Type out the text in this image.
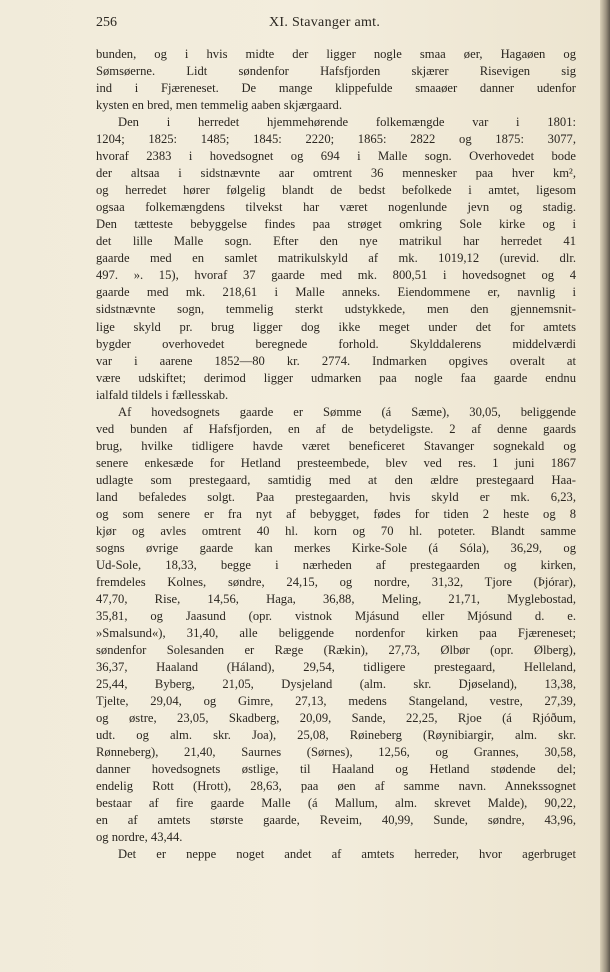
256	XI. Stavanger amt.
bunden, og i hvis midte der ligger nogle smaa øer, Hagaøen og
Sømsøerne. Lidt søndenfor Hafsfjorden skjærer Risevigen sig
ind i Fjæreneset. De mange klippefulde smaaøer danner udenfor
kysten en bred, men temmelig aaben skjærgaard.
Den i herredet hjemmehørende folkemængde var i 1801:
1204; 1825: 1485; 1845: 2220; 1865: 2822 og 1875: 3077,
hvoraf 2383 i hovedsognet og 694 i Malle sogn. Overhovedet bode
der altsaa i sidstnævnte aar omtrent 36 mennesker paa hver km²,
og herredet hører følgelig blandt de bedst befolkede i amtet, ligesom
ogsaa folkemængdens tilvekst har været nogenlunde jevn og stadig.
Den tætteste bebyggelse findes paa strøget omkring Sole kirke og i
det lille Malle sogn. Efter den nye matrikul har herredet 41
gaarde med en samlet matrikulskyld af mk. 1019,12 (urevid. dlr.
497. ». 15), hvoraf 37 gaarde med mk. 800,51 i hovedsognet og 4
gaarde med mk. 218,61 i Malle anneks. Eiendommene er, navnlig i
sidstnævnte sogn, temmelig sterkt udstykkede, men den gjennemsnit-
lige skyld pr. brug ligger dog ikke meget under det for amtets
bygder overhovedet beregnede forhold. Skylddalerens middelværdi
var i aarene 1852—80 kr. 2774. Indmarken opgives overalt at
være udskiftet; derimod ligger udmarken paa nogle faa gaarde endnu
ialfald tildels i fællesskab.
Af hovedsognets gaarde er Sømme (á Sæme), 30,05, beliggende
ved bunden af Hafsfjorden, en af de betydeligste. 2 af denne gaards
brug, hvilke tidligere havde været beneficeret Stavanger sognekald og
senere enkesæde for Hetland presteembede, blev ved res. 1 juni 1867
udlagte som prestegaard, samtidig med at den ældre prestegaard Haa-
land befaledes solgt. Paa prestegaarden, hvis skyld er mk. 6,23,
og som senere er fra nyt af bebygget, fødes for tiden 2 heste og 8
kjør og avles omtrent 40 hl. korn og 70 hl. poteter. Blandt samme
sogns øvrige gaarde kan merkes Kirke-Sole (á Sóla), 36,29, og
Ud-Sole, 18,33, begge i nærheden af prestegaarden og kirken,
fremdeles Kolnes, søndre, 24,15, og nordre, 31,32, Tjore (Þjórar),
47,70, Rise, 14,56, Haga, 36,88, Meling, 21,71, Myglebostad,
35,81, og Jaasund (opr. vistnok Mjásund eller Mjósund d. e.
»Smalsund«), 31,40, alle beliggende nordenfor kirken paa Fjæreneset;
søndenfor Solesanden er Ræge (Rækin), 27,73, Ølbør (opr. Ølberg),
36,37, Haaland (Háland), 29,54, tidligere prestegaard, Helleland,
25,44, Byberg, 21,05, Dysjeland (alm. skr. Djøseland), 13,38,
Tjelte, 29,04, og Gimre, 27,13, medens Stangeland, vestre, 27,39,
og østre, 23,05, Skadberg, 20,09, Sande, 22,25, Rjoe (á Rjóðum,
udt. og alm. skr. Joa), 25,08, Røineberg (Røynibiargir, alm. skr.
Rønneberg), 21,40, Saurnes (Sørnes), 12,56, og Grannes, 30,58,
danner hovedsognets østlige, til Haaland og Hetland stødende del;
endelig Rott (Hrott), 28,63, paa øen af samme navn. Annekssognet
bestaar af fire gaarde Malle (á Mallum, alm. skrevet Malde), 90,22,
en af amtets største gaarde, Reveim, 40,99, Sunde, søndre, 43,96,
og nordre, 43,44.
Det er neppe noget andet af amtets herreder, hvor agerbruget
